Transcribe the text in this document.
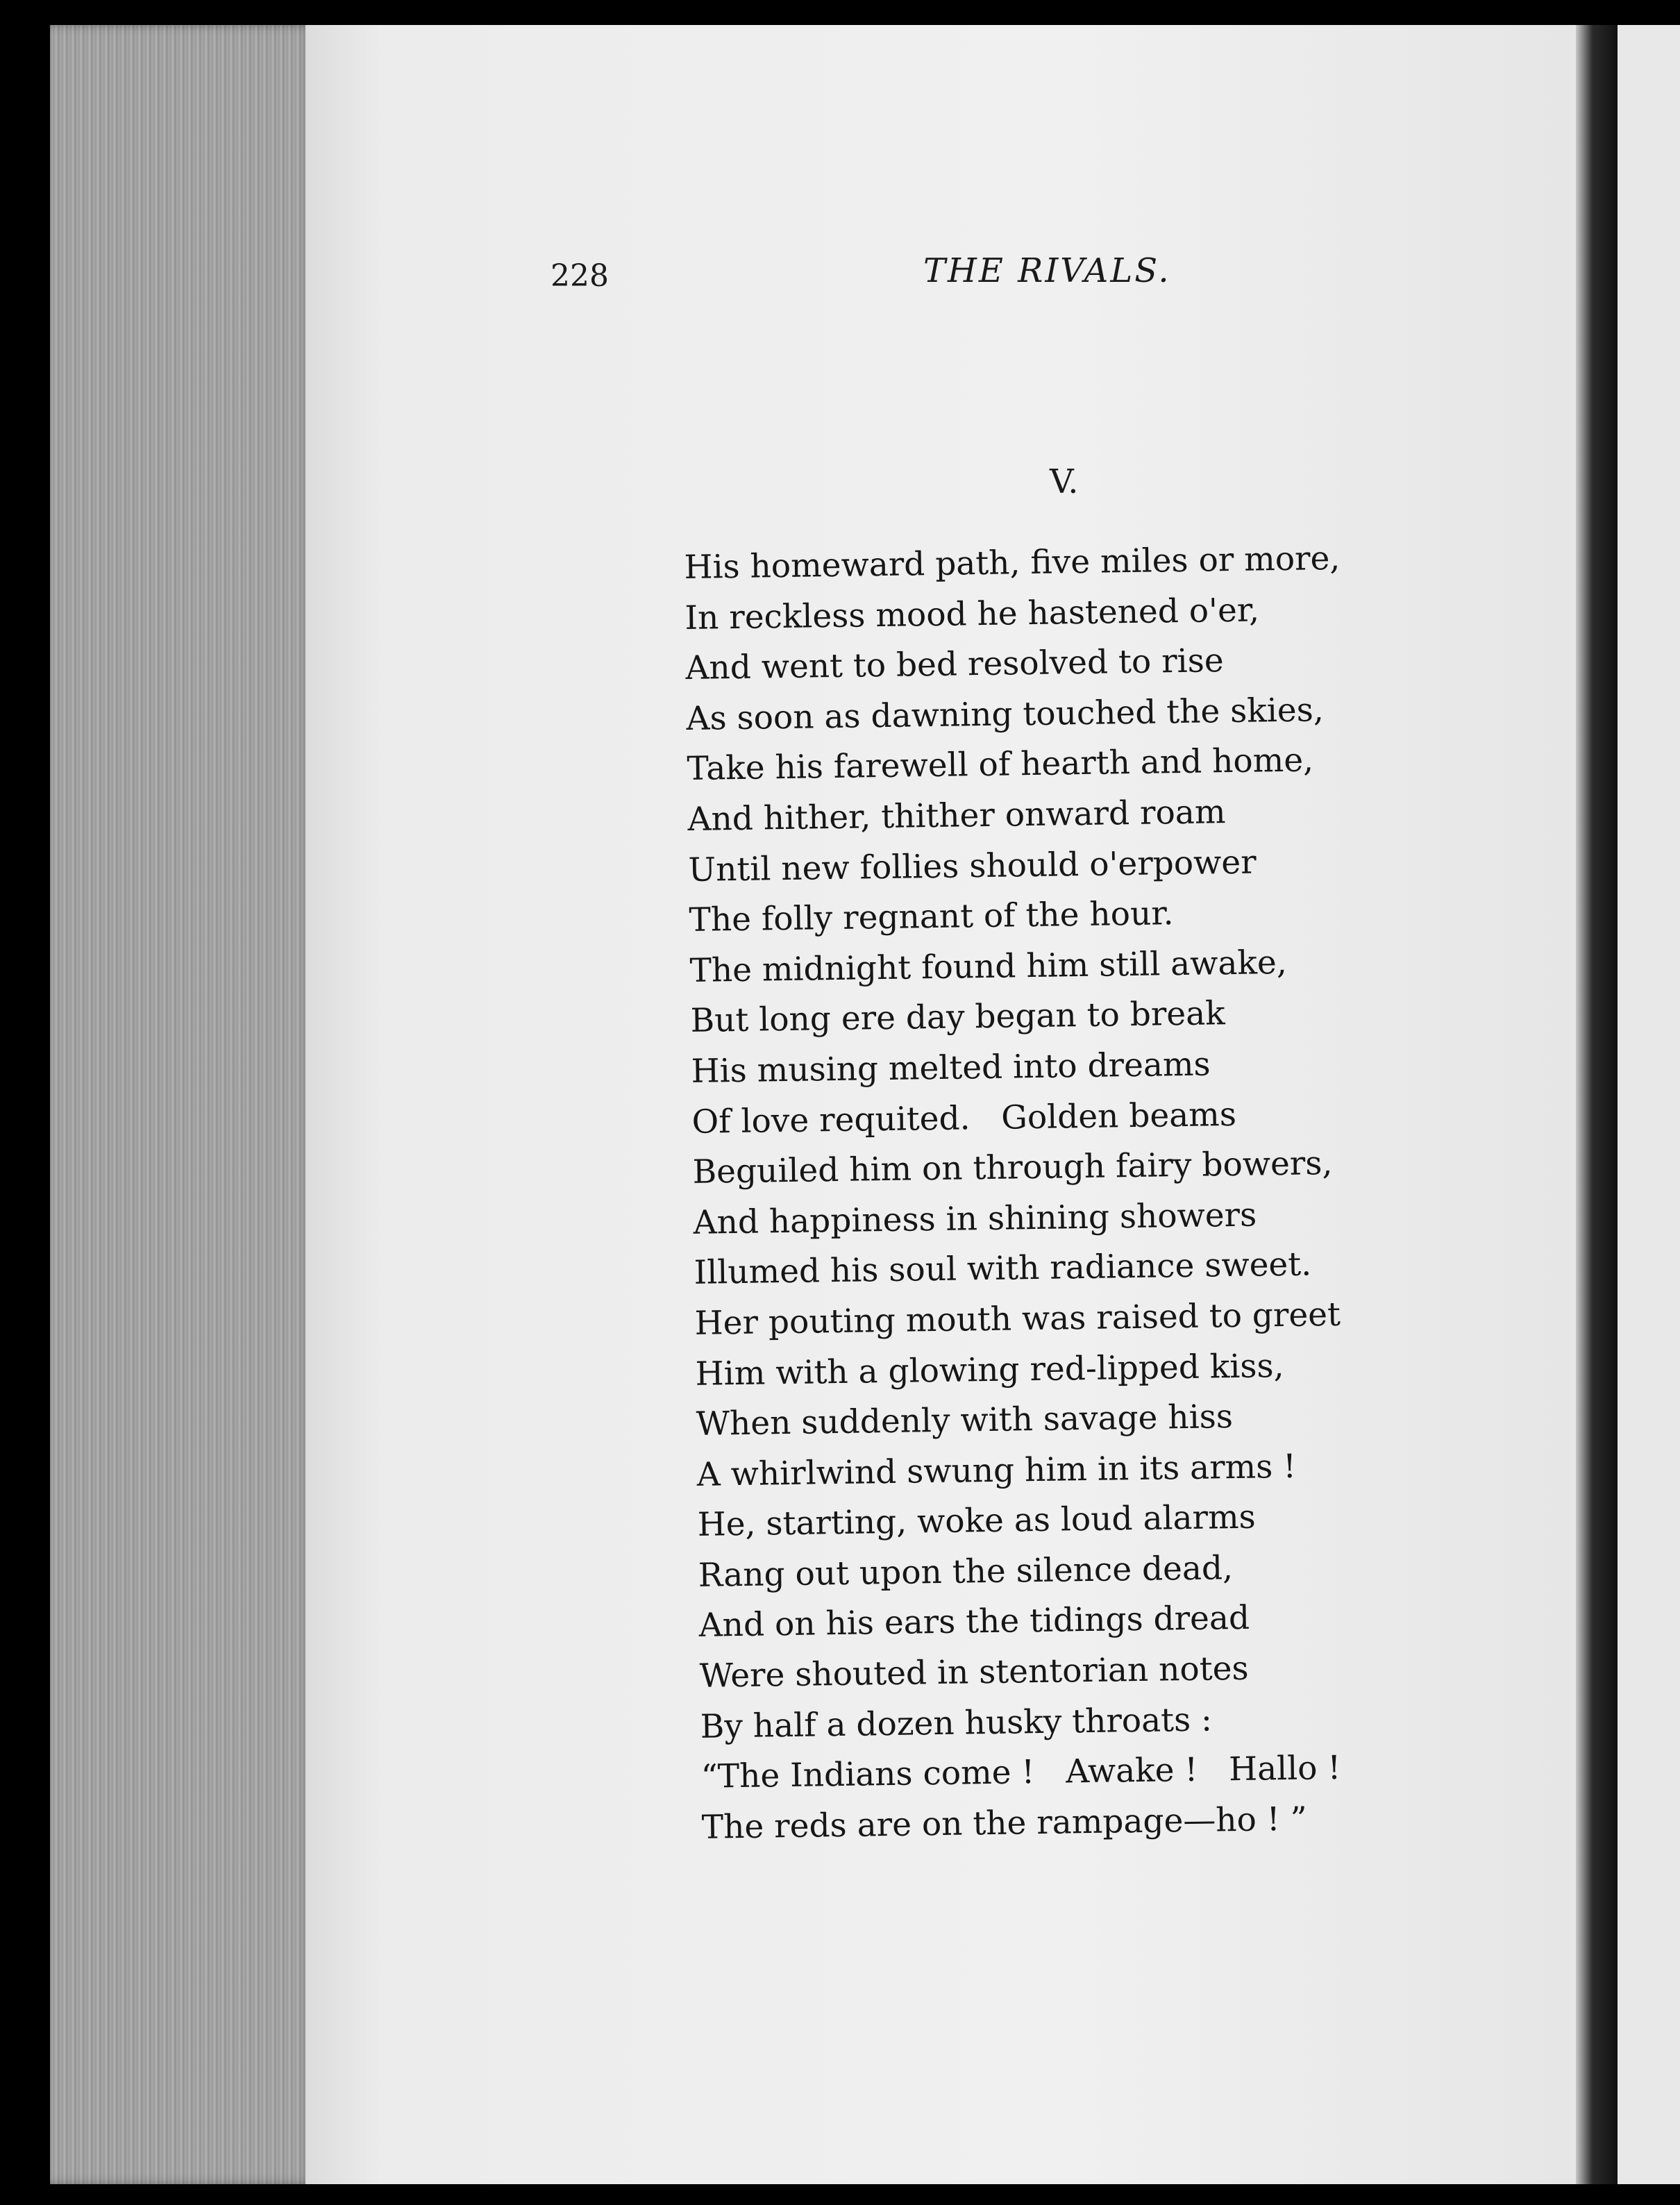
228	THE RIVALS.
V.
His homeward path, five miles or more,
In reckless mood he hastened o'er,
And went to bed resolved to rise
As soon as dawning touched the skies,
Take his farewell of hearth and home,
And hither, thither onward roam
Until new follies should o'erpower
The folly regnant of the hour.
The midnight found him still awake,
But long ere day began to break
His musing melted into dreams
Of love requited.   Golden beams
Beguiled him on through fairy bowers,
And happiness in shining showers
Illumed his soul with radiance sweet.
Her pouting mouth was raised to greet
Him with a glowing red-lipped kiss,
When suddenly with savage hiss
A whirlwind swung him in its arms !
He, starting, woke as loud alarms
Rang out upon the silence dead,
And on his ears the tidings dread
Were shouted in stentorian notes
By half a dozen husky throats :
“The Indians come !   Awake !   Hallo !
The reds are on the rampage—ho ! ”
